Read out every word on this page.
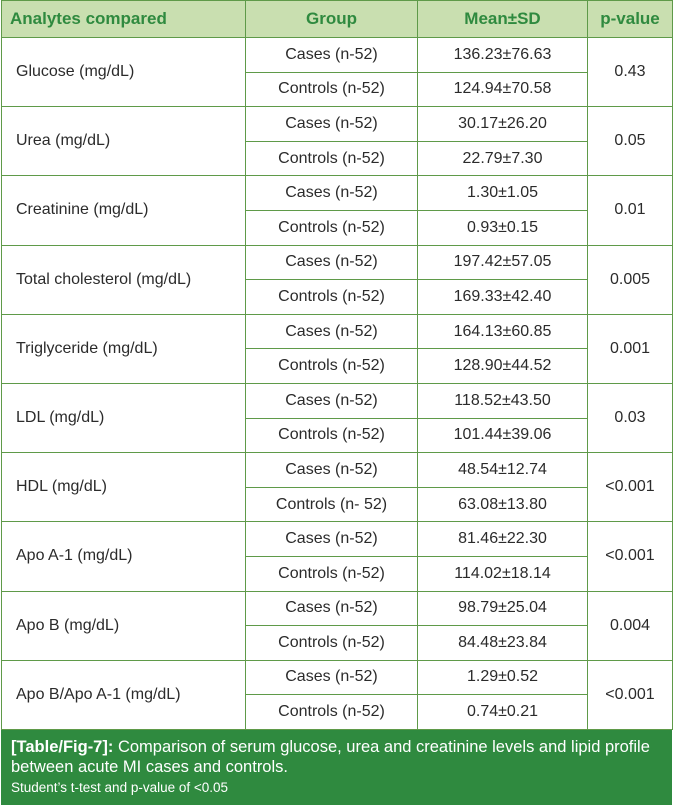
Analytes compared	Group	Mean±SD	p-value
Glucose (mg/dL)	Cases (n-52)	136.23±76.63	0.43
	Controls (n-52)	124.94±70.58	
Urea (mg/dL)	Cases (n-52)	30.17±26.20	0.05
	Controls (n-52)	22.79±7.30	
Creatinine (mg/dL)	Cases (n-52)	1.30±1.05	0.01
	Controls (n-52)	0.93±0.15	
Total cholesterol (mg/dL)	Cases (n-52)	197.42±57.05	0.005
	Controls (n-52)	169.33±42.40	
Triglyceride (mg/dL)	Cases (n-52)	164.13±60.85	0.001
	Controls (n-52)	128.90±44.52	
LDL (mg/dL)	Cases (n-52)	118.52±43.50	0.03
	Controls (n-52)	101.44±39.06	
HDL (mg/dL)	Cases (n-52)	48.54±12.74	<0.001
	Controls (n- 52)	63.08±13.80	
Apo A-1 (mg/dL)	Cases (n-52)	81.46±22.30	<0.001
	Controls (n-52)	114.02±18.14	
Apo B (mg/dL)	Cases (n-52)	98.79±25.04	0.004
	Controls (n-52)	84.48±23.84	
Apo B/Apo A-1 (mg/dL)	Cases (n-52)	1.29±0.52	<0.001
	Controls (n-52)	0.74±0.21	
[Table/Fig-7]: Comparison of serum glucose, urea and creatinine levels and lipid profile between acute MI cases and controls.
Student’s t-test and p-value of <0.05
